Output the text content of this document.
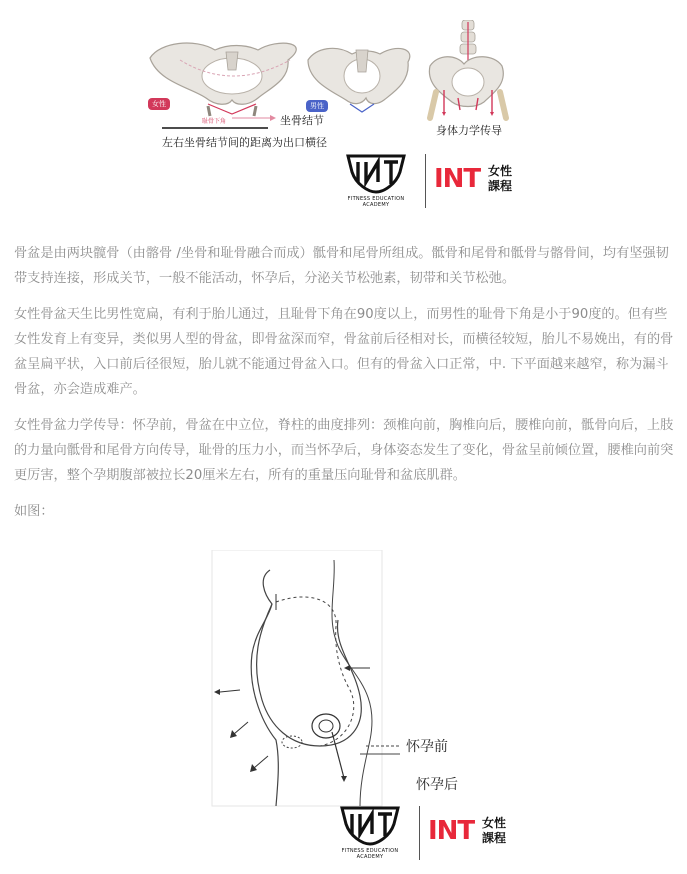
女性	男性
耻骨下角	坐骨结节
左右坐骨结节间的距离为出口横径
身体力学传导
FITNESS EDUCATION
ACADEMY
INT 女性
課程

骨盆是由两块髋骨（由髂骨 /坐骨和耻骨融合而成）骶骨和尾骨所组成。骶骨和尾骨和骶骨与髂骨间，均有坚强韧带支持连接，形成关节，一般不能活动，怀孕后，分泌关节松弛素，韧带和关节松弛。

女性骨盆天生比男性宽扁，有利于胎儿通过，且耻骨下角在90度以上，而男性的耻骨下角是小于90度的。但有些女性发育上有变异，类似男人型的骨盆，即骨盆深而窄，骨盆前后径相对长，而横径较短，胎儿不易娩出，有的骨盆呈扁平状，入口前后径很短，胎儿就不能通过骨盆入口。但有的骨盆入口正常，中. 下平面越来越窄，称为漏斗骨盆，亦会造成难产。

女性骨盆力学传导：怀孕前，骨盆在中立位，脊柱的曲度排列：颈椎向前，胸椎向后，腰椎向前，骶骨向后，上肢的力量向骶骨和尾骨方向传导，耻骨的压力小，而当怀孕后，身体姿态发生了变化，骨盆呈前倾位置，腰椎向前突更厉害，整个孕期腹部被拉长20厘米左右，所有的重量压向耻骨和盆底肌群。

如图：

怀孕前
怀孕后
FITNESS EDUCATION
ACADEMY
INT 女性
課程
